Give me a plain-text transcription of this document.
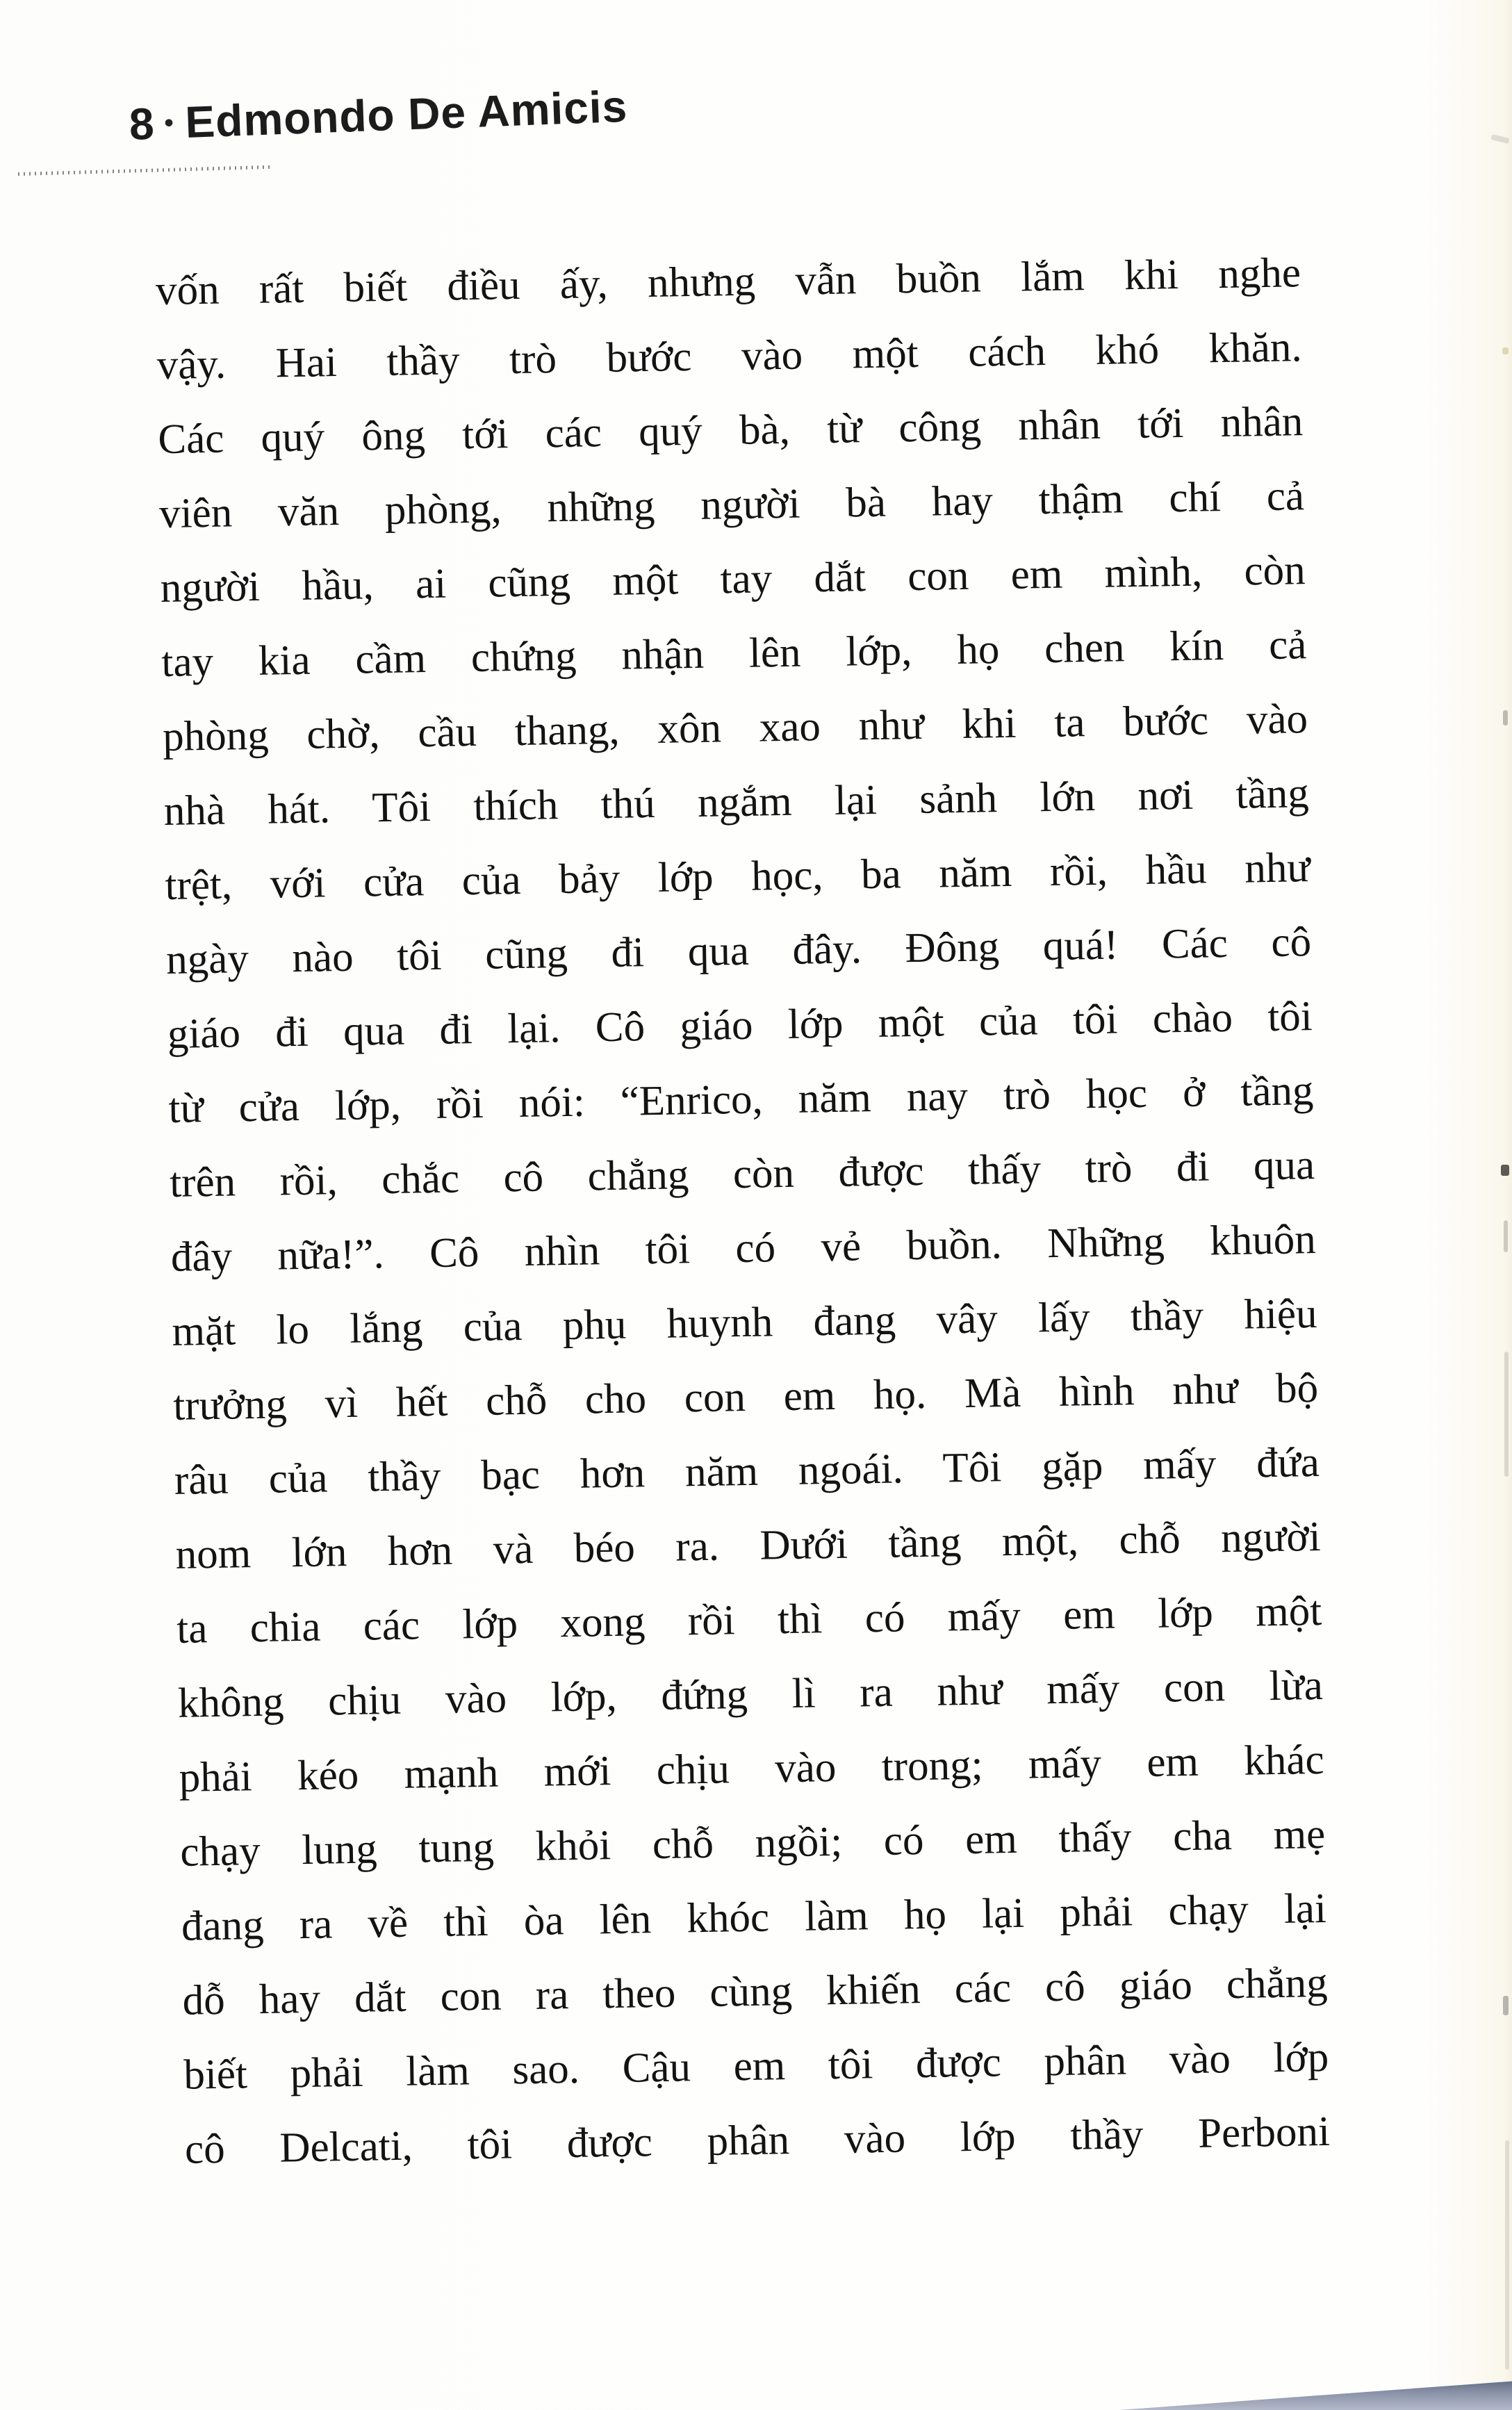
8 • Edmondo De Amicis
vốn rất biết điều ấy, nhưng vẫn buồn lắm khi nghe
vậy. Hai thầy trò bước vào một cách khó khăn.
Các quý ông tới các quý bà, từ công nhân tới nhân
viên văn phòng, những người bà hay thậm chí cả
người hầu, ai cũng một tay dắt con em mình, còn
tay kia cầm chứng nhận lên lớp, họ chen kín cả
phòng chờ, cầu thang, xôn xao như khi ta bước vào
nhà hát. Tôi thích thú ngắm lại sảnh lớn nơi tầng
trệt, với cửa của bảy lớp học, ba năm rồi, hầu như
ngày nào tôi cũng đi qua đây. Đông quá! Các cô
giáo đi qua đi lại. Cô giáo lớp một của tôi chào tôi
từ cửa lớp, rồi nói: “Enrico, năm nay trò học ở tầng
trên rồi, chắc cô chẳng còn được thấy trò đi qua
đây nữa!”. Cô nhìn tôi có vẻ buồn. Những khuôn
mặt lo lắng của phụ huynh đang vây lấy thầy hiệu
trưởng vì hết chỗ cho con em họ. Mà hình như bộ
râu của thầy bạc hơn năm ngoái. Tôi gặp mấy đứa
nom lớn hơn và béo ra. Dưới tầng một, chỗ người
ta chia các lớp xong rồi thì có mấy em lớp một
không chịu vào lớp, đứng lì ra như mấy con lừa
phải kéo mạnh mới chịu vào trong; mấy em khác
chạy lung tung khỏi chỗ ngồi; có em thấy cha mẹ
đang ra về thì òa lên khóc làm họ lại phải chạy lại
dỗ hay dắt con ra theo cùng khiến các cô giáo chẳng
biết phải làm sao. Cậu em tôi được phân vào lớp
cô Delcati, tôi được phân vào lớp thầy Perboni
